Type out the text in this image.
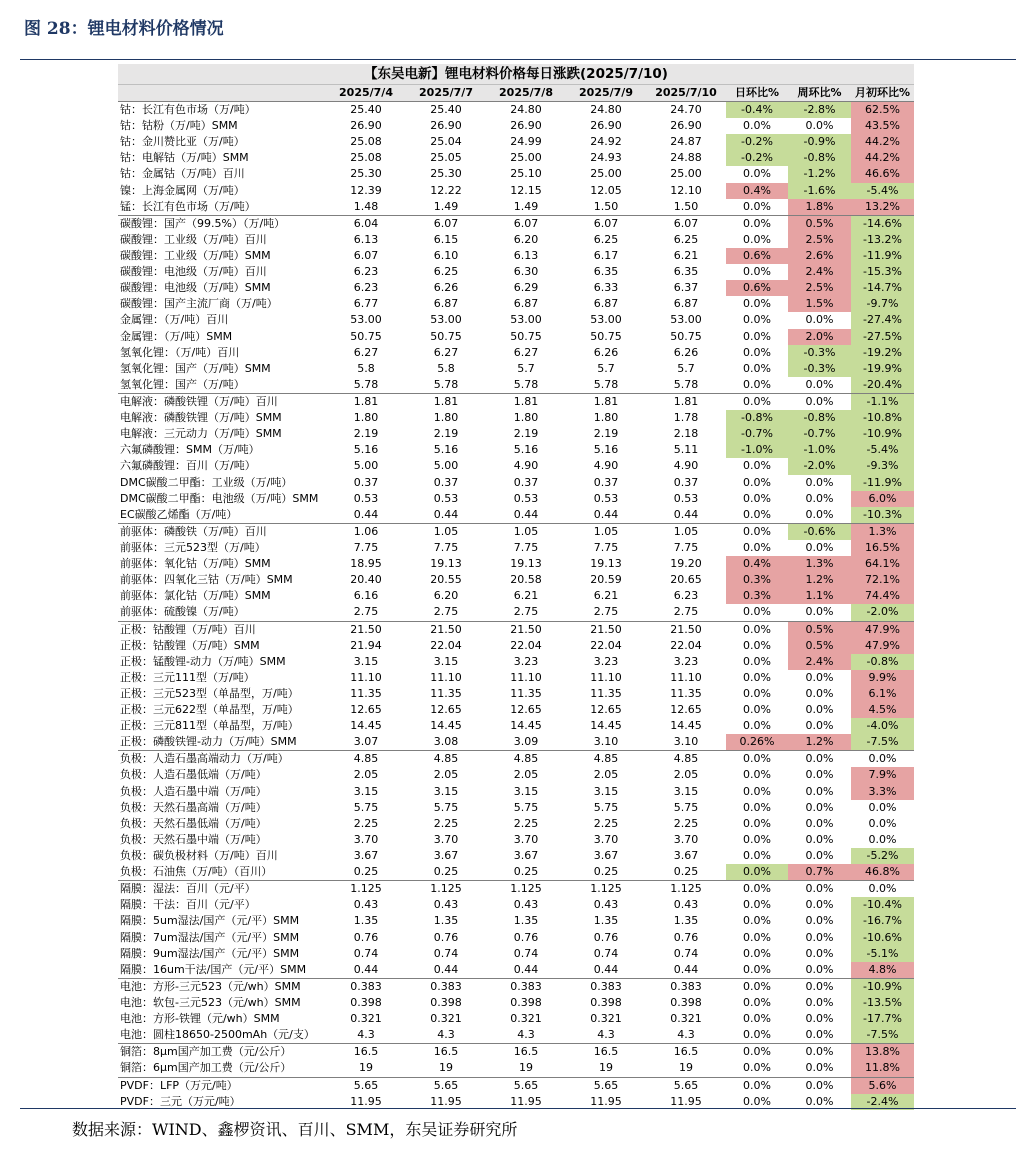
图 28：锂电材料价格情况
【东吴电新】锂电材料价格每日涨跌(2025/7/10)
2025/7/4	2025/7/7	2025/7/8	2025/7/9	2025/7/10	日环比%	周环比%	月初环比%
钴：长江有色市场（万/吨）	25.40	25.40	24.80	24.80	24.70	-0.4%	-2.8%	62.5%
钴：钴粉（万/吨）SMM	26.90	26.90	26.90	26.90	26.90	0.0%	0.0%	43.5%
钴：金川赞比亚（万/吨）	25.08	25.04	24.99	24.92	24.87	-0.2%	-0.9%	44.2%
钴：电解钴（万/吨）SMM	25.08	25.05	25.00	24.93	24.88	-0.2%	-0.8%	44.2%
钴：金属钴（万/吨）百川	25.30	25.30	25.10	25.00	25.00	0.0%	-1.2%	46.6%
镍：上海金属网（万/吨）	12.39	12.22	12.15	12.05	12.10	0.4%	-1.6%	-5.4%
锰：长江有色市场（万/吨）	1.48	1.49	1.49	1.50	1.50	0.0%	1.8%	13.2%
碳酸锂：国产（99.5%）（万/吨）	6.04	6.07	6.07	6.07	6.07	0.0%	0.5%	-14.6%
碳酸锂：工业级（万/吨）百川	6.13	6.15	6.20	6.25	6.25	0.0%	2.5%	-13.2%
碳酸锂：工业级（万/吨）SMM	6.07	6.10	6.13	6.17	6.21	0.6%	2.6%	-11.9%
碳酸锂：电池级（万/吨）百川	6.23	6.25	6.30	6.35	6.35	0.0%	2.4%	-15.3%
碳酸锂：电池级（万/吨）SMM	6.23	6.26	6.29	6.33	6.37	0.6%	2.5%	-14.7%
碳酸锂：国产主流厂商（万/吨）	6.77	6.87	6.87	6.87	6.87	0.0%	1.5%	-9.7%
金属锂：（万/吨）百川	53.00	53.00	53.00	53.00	53.00	0.0%	0.0%	-27.4%
金属锂：（万/吨）SMM	50.75	50.75	50.75	50.75	50.75	0.0%	2.0%	-27.5%
氢氧化锂：（万/吨）百川	6.27	6.27	6.27	6.26	6.26	0.0%	-0.3%	-19.2%
氢氧化锂：国产（万/吨）SMM	5.8	5.8	5.7	5.7	5.7	0.0%	-0.3%	-19.9%
氢氧化锂：国产（万/吨）	5.78	5.78	5.78	5.78	5.78	0.0%	0.0%	-20.4%
电解液：磷酸铁锂（万/吨）百川	1.81	1.81	1.81	1.81	1.81	0.0%	0.0%	-1.1%
电解液：磷酸铁锂（万/吨）SMM	1.80	1.80	1.80	1.80	1.78	-0.8%	-0.8%	-10.8%
电解液：三元动力（万/吨）SMM	2.19	2.19	2.19	2.19	2.18	-0.7%	-0.7%	-10.9%
六氟磷酸锂：SMM（万/吨）	5.16	5.16	5.16	5.16	5.11	-1.0%	-1.0%	-5.4%
六氟磷酸锂：百川（万/吨）	5.00	5.00	4.90	4.90	4.90	0.0%	-2.0%	-9.3%
DMC碳酸二甲酯：工业级（万/吨）	0.37	0.37	0.37	0.37	0.37	0.0%	0.0%	-11.9%
DMC碳酸二甲酯：电池级（万/吨）SMM	0.53	0.53	0.53	0.53	0.53	0.0%	0.0%	6.0%
EC碳酸乙烯酯（万/吨）	0.44	0.44	0.44	0.44	0.44	0.0%	0.0%	-10.3%
前驱体：磷酸铁（万/吨）百川	1.06	1.05	1.05	1.05	1.05	0.0%	-0.6%	1.3%
前驱体：三元523型（万/吨）	7.75	7.75	7.75	7.75	7.75	0.0%	0.0%	16.5%
前驱体：氧化钴（万/吨）SMM	18.95	19.13	19.13	19.13	19.20	0.4%	1.3%	64.1%
前驱体：四氧化三钴（万/吨）SMM	20.40	20.55	20.58	20.59	20.65	0.3%	1.2%	72.1%
前驱体：氯化钴（万/吨）SMM	6.16	6.20	6.21	6.21	6.23	0.3%	1.1%	74.4%
前驱体：硫酸镍（万/吨）	2.75	2.75	2.75	2.75	2.75	0.0%	0.0%	-2.0%
正极：钴酸锂（万/吨）百川	21.50	21.50	21.50	21.50	21.50	0.0%	0.5%	47.9%
正极：钴酸锂（万/吨）SMM	21.94	22.04	22.04	22.04	22.04	0.0%	0.5%	47.9%
正极：锰酸锂-动力（万/吨）SMM	3.15	3.15	3.23	3.23	3.23	0.0%	2.4%	-0.8%
正极：三元111型（万/吨）	11.10	11.10	11.10	11.10	11.10	0.0%	0.0%	9.9%
正极：三元523型（单晶型，万/吨）	11.35	11.35	11.35	11.35	11.35	0.0%	0.0%	6.1%
正极：三元622型（单晶型，万/吨）	12.65	12.65	12.65	12.65	12.65	0.0%	0.0%	4.5%
正极：三元811型（单晶型，万/吨）	14.45	14.45	14.45	14.45	14.45	0.0%	0.0%	-4.0%
正极：磷酸铁锂-动力（万/吨）SMM	3.07	3.08	3.09	3.10	3.10	0.26%	1.2%	-7.5%
负极：人造石墨高端动力（万/吨）	4.85	4.85	4.85	4.85	4.85	0.0%	0.0%	0.0%
负极：人造石墨低端（万/吨）	2.05	2.05	2.05	2.05	2.05	0.0%	0.0%	7.9%
负极：人造石墨中端（万/吨）	3.15	3.15	3.15	3.15	3.15	0.0%	0.0%	3.3%
负极：天然石墨高端（万/吨）	5.75	5.75	5.75	5.75	5.75	0.0%	0.0%	0.0%
负极：天然石墨低端（万/吨）	2.25	2.25	2.25	2.25	2.25	0.0%	0.0%	0.0%
负极：天然石墨中端（万/吨）	3.70	3.70	3.70	3.70	3.70	0.0%	0.0%	0.0%
负极：碳负极材料（万/吨）百川	3.67	3.67	3.67	3.67	3.67	0.0%	0.0%	-5.2%
负极：石油焦（万/吨）（百川）	0.25	0.25	0.25	0.25	0.25	0.0%	0.7%	46.8%
隔膜：湿法：百川（元/平）	1.125	1.125	1.125	1.125	1.125	0.0%	0.0%	0.0%
隔膜：干法：百川（元/平）	0.43	0.43	0.43	0.43	0.43	0.0%	0.0%	-10.4%
隔膜：5um湿法/国产（元/平）SMM	1.35	1.35	1.35	1.35	1.35	0.0%	0.0%	-16.7%
隔膜：7um湿法/国产（元/平）SMM	0.76	0.76	0.76	0.76	0.76	0.0%	0.0%	-10.6%
隔膜：9um湿法/国产（元/平）SMM	0.74	0.74	0.74	0.74	0.74	0.0%	0.0%	-5.1%
隔膜：16um干法/国产（元/平）SMM	0.44	0.44	0.44	0.44	0.44	0.0%	0.0%	4.8%
电池：方形-三元523（元/wh）SMM	0.383	0.383	0.383	0.383	0.383	0.0%	0.0%	-10.9%
电池：软包-三元523（元/wh）SMM	0.398	0.398	0.398	0.398	0.398	0.0%	0.0%	-13.5%
电池：方形-铁锂（元/wh）SMM	0.321	0.321	0.321	0.321	0.321	0.0%	0.0%	-17.7%
电池：圆柱18650-2500mAh（元/支）	4.3	4.3	4.3	4.3	4.3	0.0%	0.0%	-7.5%
铜箔：8μm国产加工费（元/公斤）	16.5	16.5	16.5	16.5	16.5	0.0%	0.0%	13.8%
铜箔：6μm国产加工费（元/公斤）	19	19	19	19	19	0.0%	0.0%	11.8%
PVDF：LFP（万元/吨）	5.65	5.65	5.65	5.65	5.65	0.0%	0.0%	5.6%
PVDF：三元（万元/吨）	11.95	11.95	11.95	11.95	11.95	0.0%	0.0%	-2.4%
数据来源：WIND、鑫椤资讯、百川、SMM，东吴证券研究所
